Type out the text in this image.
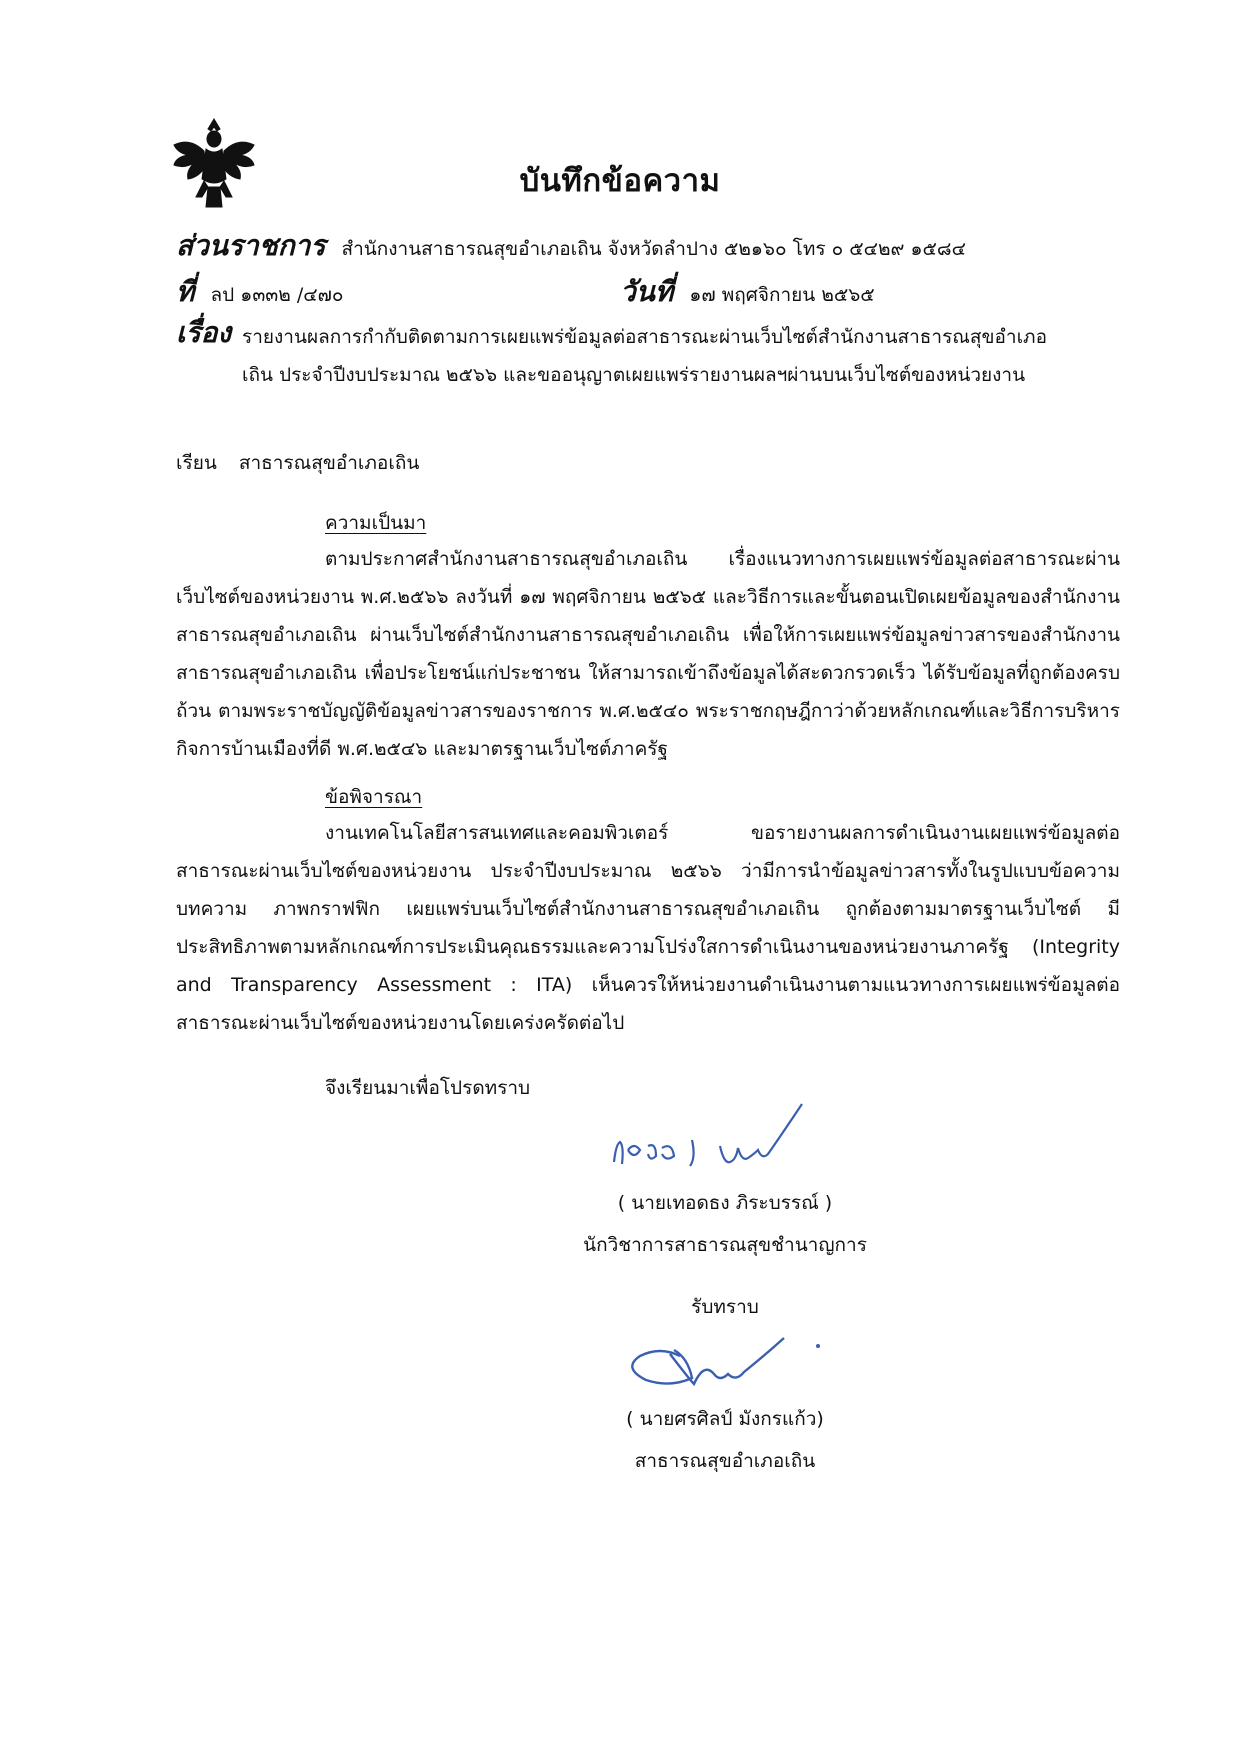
บันทึกข้อความ
ส่วนราชการ สำนักงานสาธารณสุขอำเภอเถิน จังหวัดลำปาง ๕๒๑๖๐ โทร ๐ ๕๔๒๙ ๑๕๘๔
ที่ ลป ๑๓๓๒ /๔๗๐	วันที่ ๑๗ พฤศจิกายน ๒๕๖๕
เรื่อง รายงานผลการกำกับติดตามการเผยแพร่ข้อมูลต่อสาธารณะผ่านเว็บไซต์สำนักงานสาธารณสุขอำเภอเถิน ประจำปีงบประมาณ ๒๕๖๖ และขออนุญาตเผยแพร่รายงานผลฯผ่านบนเว็บไซต์ของหน่วยงาน
เรียน สาธารณสุขอำเภอเถิน
ความเป็นมา
ตามประกาศสำนักงานสาธารณสุขอำเภอเถิน เรื่องแนวทางการเผยแพร่ข้อมูลต่อสาธารณะผ่านเว็บไซต์ของหน่วยงาน พ.ศ.๒๕๖๖ ลงวันที่ ๑๗ พฤศจิกายน ๒๕๖๕ และวิธีการและขั้นตอนเปิดเผยข้อมูลของสำนักงานสาธารณสุขอำเภอเถิน ผ่านเว็บไซต์สำนักงานสาธารณสุขอำเภอเถิน เพื่อให้การเผยแพร่ข้อมูลข่าวสารของสำนักงานสาธารณสุขอำเภอเถิน เพื่อประโยชน์แก่ประชาชน ให้สามารถเข้าถึงข้อมูลได้สะดวกรวดเร็ว ได้รับข้อมูลที่ถูกต้องครบถ้วน ตามพระราชบัญญัติข้อมูลข่าวสารของราชการ พ.ศ.๒๕๔๐ พระราชกฤษฎีกาว่าด้วยหลักเกณฑ์และวิธีการบริหารกิจการบ้านเมืองที่ดี พ.ศ.๒๕๔๖ และมาตรฐานเว็บไซต์ภาครัฐ
ข้อพิจารณา
งานเทคโนโลยีสารสนเทศและคอมพิวเตอร์ ขอรายงานผลการดำเนินงานเผยแพร่ข้อมูลต่อสาธารณะผ่านเว็บไซต์ของหน่วยงาน ประจำปีงบประมาณ ๒๕๖๖ ว่ามีการนำข้อมูลข่าวสารทั้งในรูปแบบข้อความ บทความ ภาพกราฟฟิก เผยแพร่บนเว็บไซต์สำนักงานสาธารณสุขอำเภอเถิน ถูกต้องตามมาตรฐานเว็บไซต์ มีประสิทธิภาพตามหลักเกณฑ์การประเมินคุณธรรมและความโปร่งใสการดำเนินงานของหน่วยงานภาครัฐ (Integrity and Transparency Assessment : ITA) เห็นควรให้หน่วยงานดำเนินงานตามแนวทางการเผยแพร่ข้อมูลต่อสาธารณะผ่านเว็บไซต์ของหน่วยงานโดยเคร่งครัดต่อไป
จึงเรียนมาเพื่อโปรดทราบ
( นายเทอดธง ภิระบรรณ์ )
นักวิชาการสาธารณสุขชำนาญการ
รับทราบ
( นายศรศิลป์ มังกรแก้ว)
สาธารณสุขอำเภอเถิน
